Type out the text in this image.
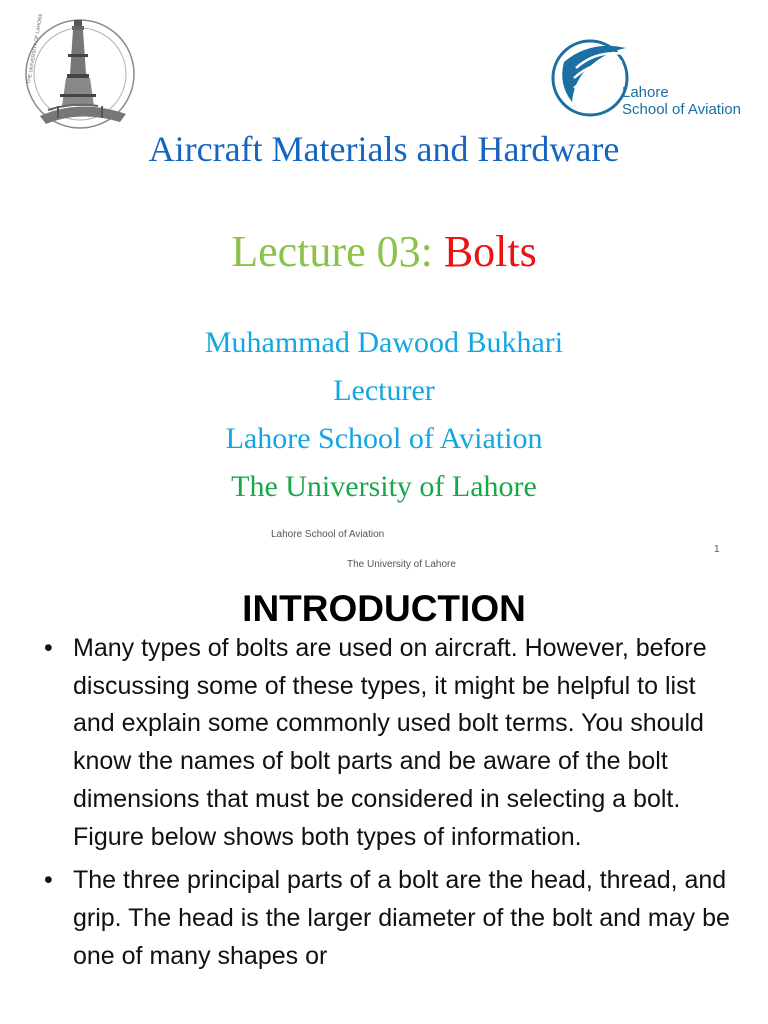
THE UNIVERSITY OF LAHORE
Lahore
School of Aviation
Aircraft Materials and Hardware
Lecture 03: Bolts
Muhammad Dawood Bukhari
Lecturer
Lahore School of Aviation
The University of Lahore
Lahore School of Aviation
1
The University of Lahore
INTRODUCTION
• Many types of bolts are used on aircraft. However, before discussing some of these types, it might be helpful to list and explain some commonly used bolt terms. You should know the names of bolt parts and be aware of the bolt dimensions that must be considered in selecting a bolt. Figure below shows both types of information.
• The three principal parts of a bolt are the head, thread, and grip. The head is the larger diameter of the bolt and may be one of many shapes or
